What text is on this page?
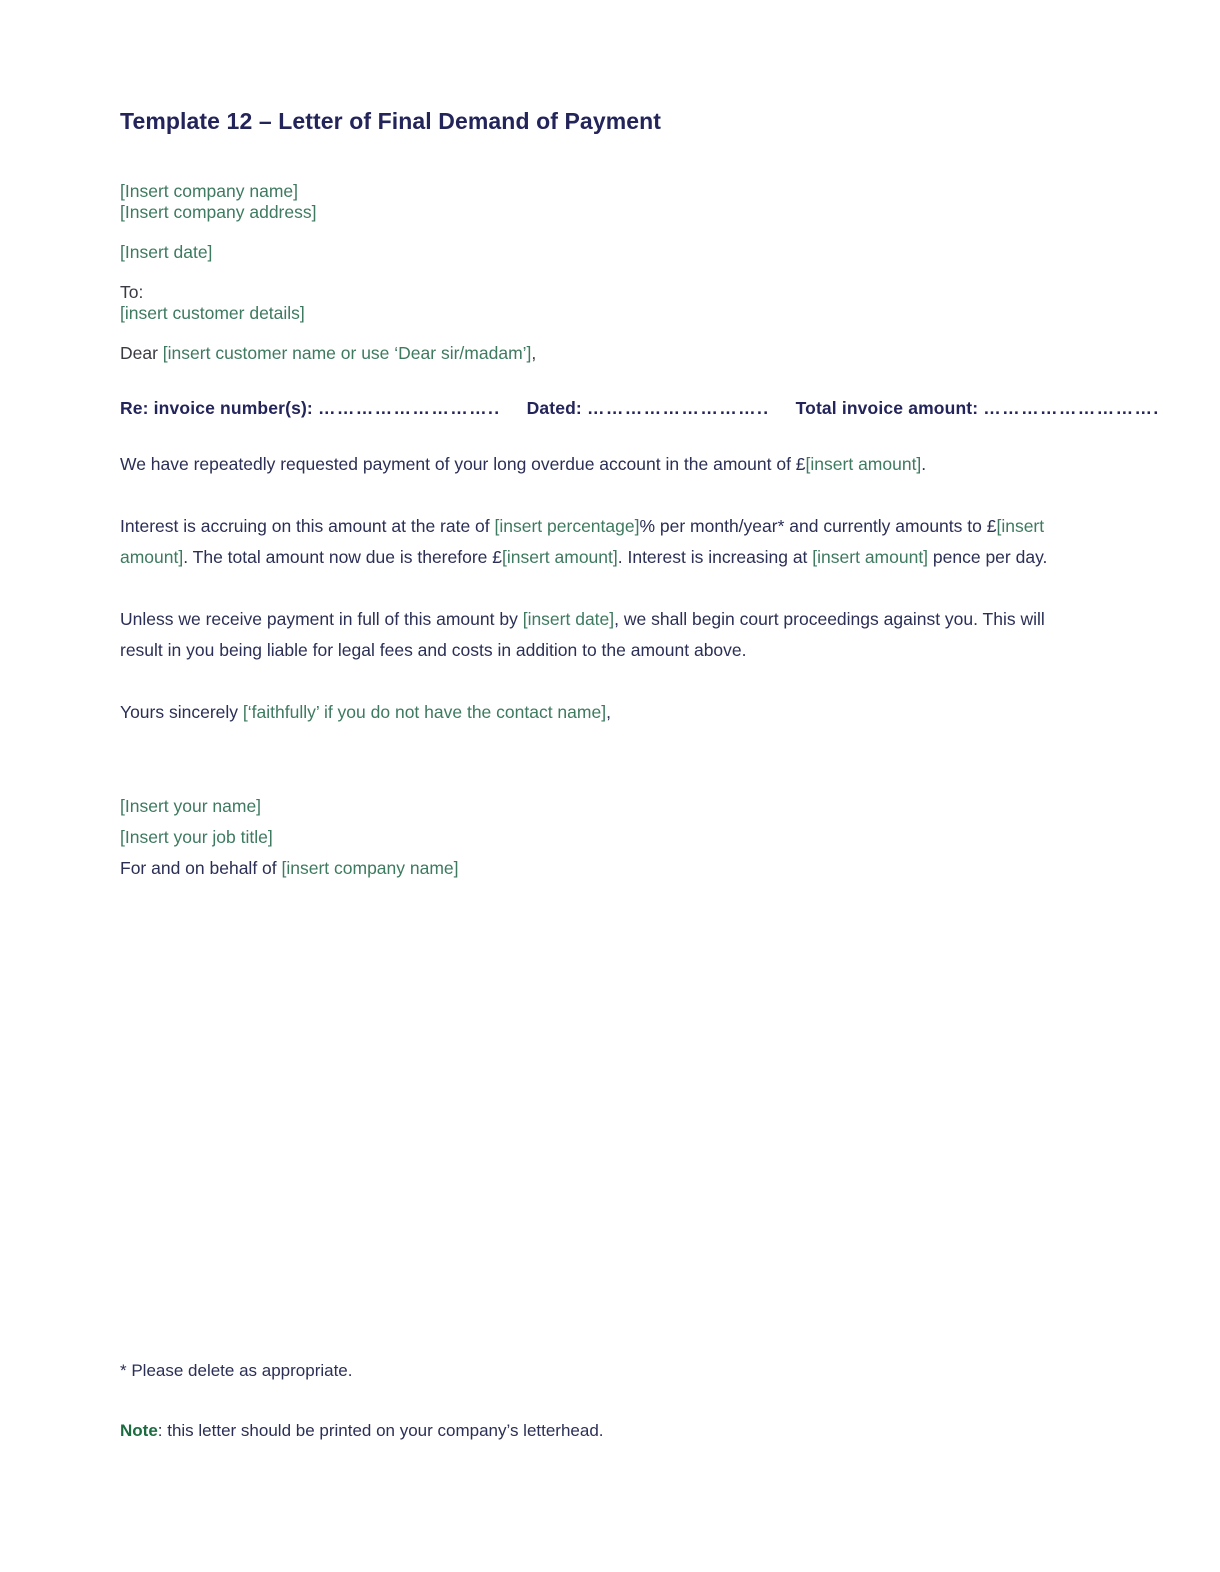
Template 12 – Letter of Final Demand of Payment
[Insert company name]
[Insert company address]
[Insert date]
To:
[insert customer details]
Dear [insert customer name or use ‘Dear sir/madam’],
Re: invoice number(s): ……………………….. Dated: ……………………….. Total invoice amount: ……………………….

We have repeatedly requested payment of your long overdue account in the amount of £[insert amount].

Interest is accruing on this amount at the rate of [insert percentage]% per month/year* and currently amounts to £[insert amount]. The total amount now due is therefore £[insert amount]. Interest is increasing at [insert amount] pence per day.

Unless we receive payment in full of this amount by [insert date], we shall begin court proceedings against you. This will result in you being liable for legal fees and costs in addition to the amount above.

Yours sincerely [‘faithfully’ if you do not have the contact name],

[Insert your name]
[Insert your job title]
For and on behalf of [insert company name]
* Please delete as appropriate.
Note: this letter should be printed on your company’s letterhead.
